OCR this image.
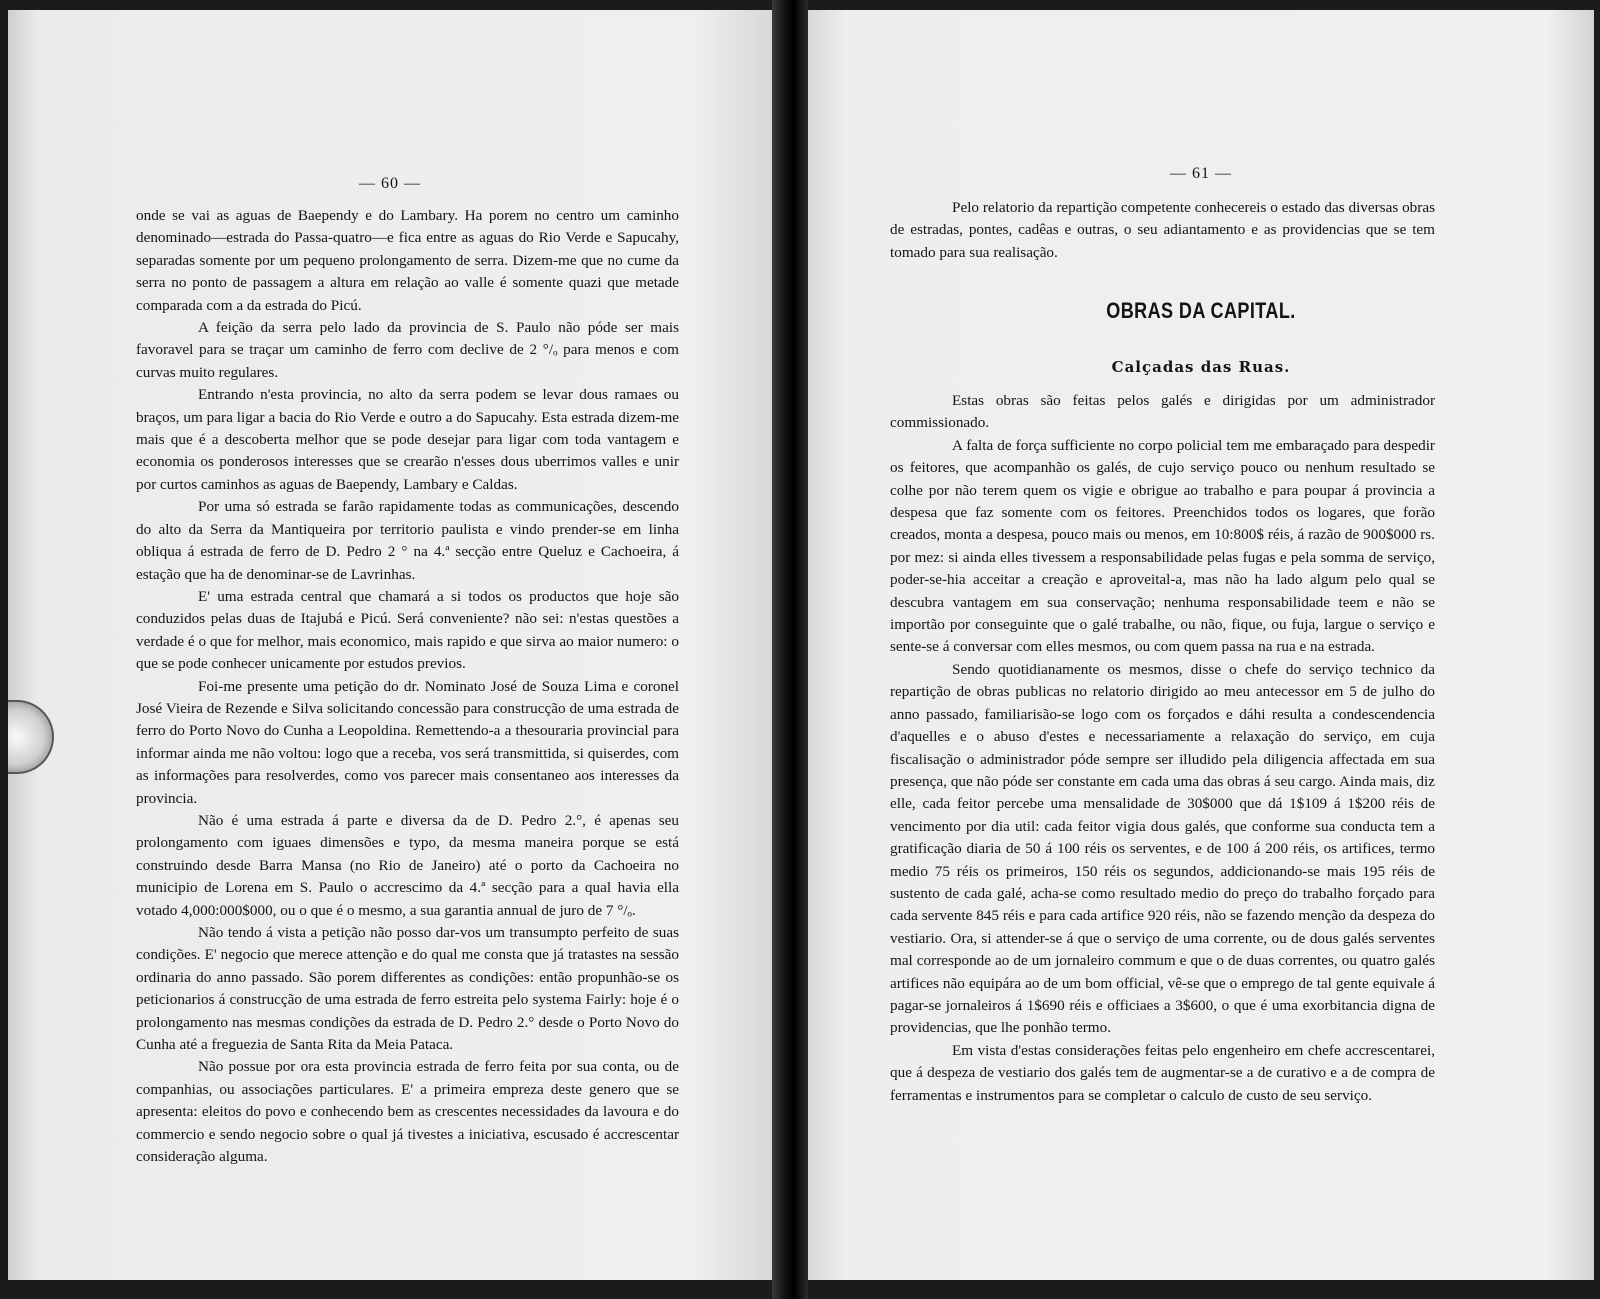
— 60 —

onde se vai as aguas de Baependy e do Lambary. Ha porem no centro um caminho denominado—estrada do Passa-quatro—e fica entre as aguas do Rio Verde e Sapucahy, separadas somente por um pequeno prolongamento de serra. Dizem-me que no cume da serra no ponto de passagem a altura em relação ao valle é somente quazi que metade comparada com a da estrada do Picú.

A feição da serra pelo lado da provincia de S. Paulo não póde ser mais favoravel para se traçar um caminho de ferro com declive de 2 °/ₒ para menos e com curvas muito regulares.

Entrando n'esta provincia, no alto da serra podem se levar dous ramaes ou braços, um para ligar a bacia do Rio Verde e outro a do Sapucahy. Esta estrada dizem-me mais que é a descoberta melhor que se pode desejar para ligar com toda vantagem e economia os ponderosos interesses que se crearão n'esses dous uberrimos valles e unir por curtos caminhos as aguas de Baependy, Lambary e Caldas.

Por uma só estrada se farão rapidamente todas as communicações, descendo do alto da Serra da Mantiqueira por territorio paulista e vindo prender-se em linha obliqua á estrada de ferro de D. Pedro 2 ° na 4.ª secção entre Queluz e Cachoeira, á estação que ha de denominar-se de Lavrinhas.

E' uma estrada central que chamará a si todos os productos que hoje são conduzidos pelas duas de Itajubá e Picú. Será conveniente? não sei: n'estas questões a verdade é o que for melhor, mais economico, mais rapido e que sirva ao maior numero: o que se pode conhecer unicamente por estudos previos.

Foi-me presente uma petição do dr. Nominato José de Souza Lima e coronel José Vieira de Rezende e Silva solicitando concessão para construcção de uma estrada de ferro do Porto Novo do Cunha a Leopoldina. Remettendo-a a thesouraria provincial para informar ainda me não voltou: logo que a receba, vos será transmittida, si quiserdes, com as informações para resolverdes, como vos parecer mais consentaneo aos interesses da provincia.

Não é uma estrada á parte e diversa da de D. Pedro 2.°, é apenas seu prolongamento com iguaes dimensões e typo, da mesma maneira porque se está construindo desde Barra Mansa (no Rio de Janeiro) até o porto da Cachoeira no municipio de Lorena em S. Paulo o accrescimo da 4.ª secção para a qual havia ella votado 4,000:000$000, ou o que é o mesmo, a sua garantia annual de juro de 7 °/ₒ.

Não tendo á vista a petição não posso dar-vos um transumpto perfeito de suas condições. E' negocio que merece attenção e do qual me consta que já tratastes na sessão ordinaria do anno passado. São porem differentes as condições: então propunhão-se os peticionarios á construcção de uma estrada de ferro estreita pelo systema Fairly: hoje é o prolongamento nas mesmas condições da estrada de D. Pedro 2.° desde o Porto Novo do Cunha até a freguezia de Santa Rita da Meia Pataca.

Não possue por ora esta provincia estrada de ferro feita por sua conta, ou de companhias, ou associações particulares. E' a primeira empreza deste genero que se apresenta: eleitos do povo e conhecendo bem as crescentes necessidades da lavoura e do commercio e sendo negocio sobre o qual já tivestes a iniciativa, escusado é accrescentar consideração alguma.

— 61 —

Pelo relatorio da repartição competente conhecereis o estado das diversas obras de estradas, pontes, cadêas e outras, o seu adiantamento e as providencias que se tem tomado para sua realisação.

OBRAS DA CAPITAL.
Calçadas das Ruas.

Estas obras são feitas pelos galés e dirigidas por um administrador commissionado.

A falta de força sufficiente no corpo policial tem me embaraçado para despedir os feitores, que acompanhão os galés, de cujo serviço pouco ou nenhum resultado se colhe por não terem quem os vigie e obrigue ao trabalho e para poupar á provincia a despesa que faz somente com os feitores. Preenchidos todos os logares, que forão creados, monta a despesa, pouco mais ou menos, em 10:800$ réis, á razão de 900$000 rs. por mez: si ainda elles tivessem a responsabilidade pelas fugas e pela somma de serviço, poder-se-hia acceitar a creação e aproveital-a, mas não ha lado algum pelo qual se descubra vantagem em sua conservação; nenhuma responsabilidade teem e não se importão por conseguinte que o galé trabalhe, ou não, fique, ou fuja, largue o serviço e sente-se á conversar com elles mesmos, ou com quem passa na rua e na estrada.

Sendo quotidianamente os mesmos, disse o chefe do serviço technico da repartição de obras publicas no relatorio dirigido ao meu antecessor em 5 de julho do anno passado, familiarisão-se logo com os forçados e dáhi resulta a condescendencia d'aquelles e o abuso d'estes e necessariamente a relaxação do serviço, em cuja fiscalisação o administrador póde sempre ser illudido pela diligencia affectada em sua presença, que não póde ser constante em cada uma das obras á seu cargo. Ainda mais, diz elle, cada feitor percebe uma mensalidade de 30$000 que dá 1$109 á 1$200 réis de vencimento por dia util: cada feitor vigia dous galés, que conforme sua conducta tem a gratificação diaria de 50 á 100 réis os serventes, e de 100 á 200 réis, os artifices, termo medio 75 réis os primeiros, 150 réis os segundos, addicionando-se mais 195 réis de sustento de cada galé, acha-se como resultado medio do preço do trabalho forçado para cada servente 845 réis e para cada artifice 920 réis, não se fazendo menção da despeza do vestiario. Ora, si attender-se á que o serviço de uma corrente, ou de dous galés serventes mal corresponde ao de um jornaleiro commum e que o de duas correntes, ou quatro galés artifices não equipára ao de um bom official, vê-se que o emprego de tal gente equivale á pagar-se jornaleiros á 1$690 réis e officiaes a 3$600, o que é uma exorbitancia digna de providencias, que lhe ponhão termo.

Em vista d'estas considerações feitas pelo engenheiro em chefe accrescentarei, que á despeza de vestiario dos galés tem de augmentar-se a de curativo e a de compra de ferramentas e instrumentos para se completar o calculo de custo de seu serviço.
